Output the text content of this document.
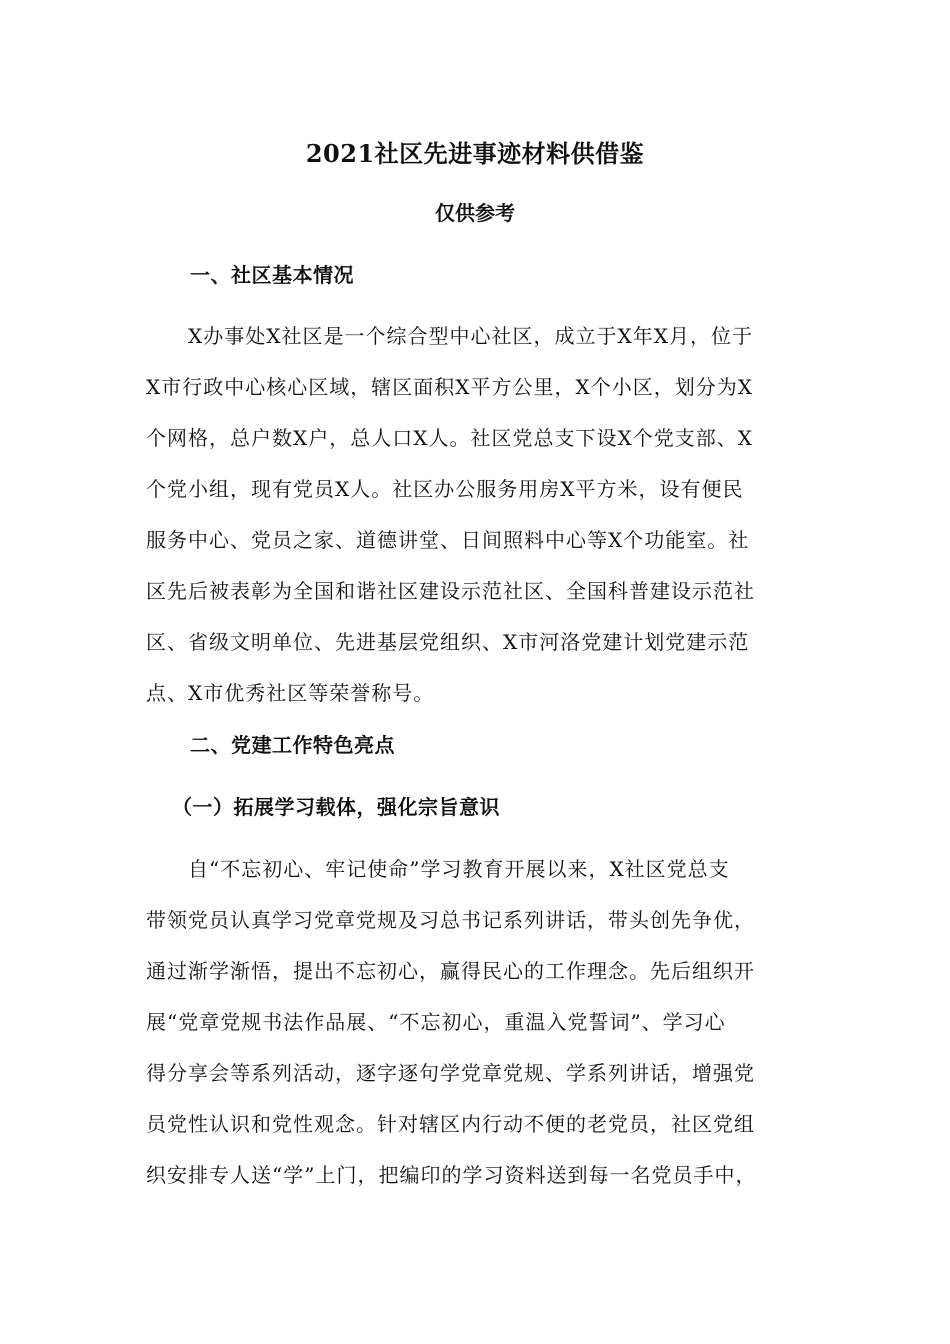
2021社区先进事迹材料供借鉴
仅供参考
一、社区基本情况

X办事处X社区是一个综合型中心社区，成立于X年X月，位于
X市行政中心核心区域，辖区面积X平方公里，X个小区，划分为X
个网格，总户数X户，总人口X人。社区党总支下设X个党支部、X
个党小组，现有党员X人。社区办公服务用房X平方米，设有便民
服务中心、党员之家、道德讲堂、日间照料中心等X个功能室。社
区先后被表彰为全国和谐社区建设示范社区、全国科普建设示范社
区、省级文明单位、先进基层党组织、X市河洛党建计划党建示范
点、X市优秀社区等荣誉称号。

二、党建工作特色亮点
（一）拓展学习载体，强化宗旨意识

自“不忘初心、牢记使命”学习教育开展以来，X社区党总支
带领党员认真学习党章党规及习总书记系列讲话，带头创先争优，
通过渐学渐悟，提出不忘初心，赢得民心的工作理念。先后组织开
展“党章党规书法作品展、“不忘初心，重温入党誓词”、学习心
得分享会等系列活动，逐字逐句学党章党规、学系列讲话，增强党
员党性认识和党性观念。针对辖区内行动不便的老党员，社区党组
织安排专人送“学”上门，把编印的学习资料送到每一名党员手中，
